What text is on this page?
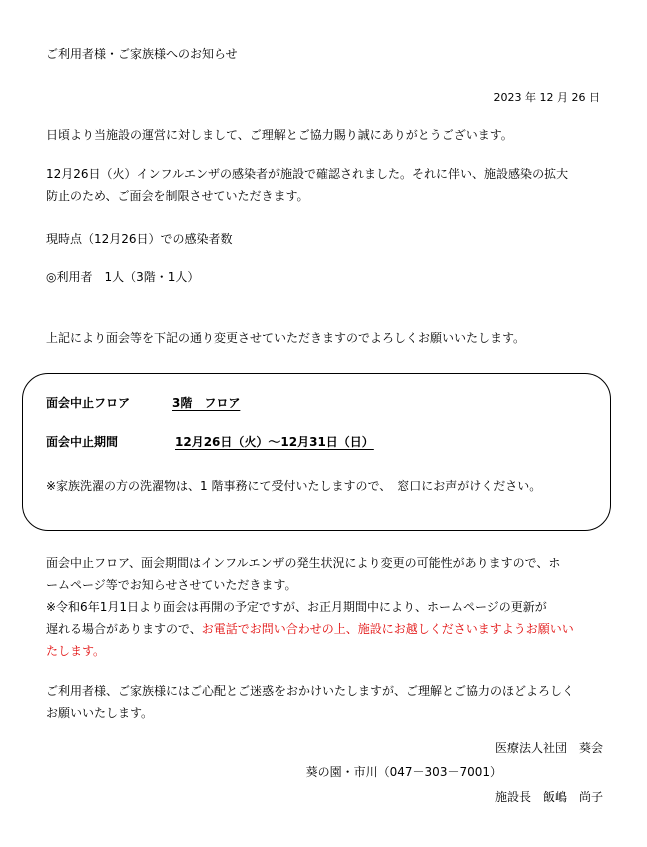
ご利用者様・ご家族様へのお知らせ
2023 年 12 月 26 日
日頃より当施設の運営に対しまして、ご理解とご協力賜り誠にありがとうございます。
12月26日（火）インフルエンザの感染者が施設で確認されました。それに伴い、施設感染の拡大
防止のため、ご面会を制限させていただきます。
現時点（12月26日）での感染者数
◎利用者　1人（3階・1人）
上記により面会等を下記の通り変更させていただきますのでよろしくお願いいたします。
面会中止フロア	3階　フロア
面会中止期間	12月26日（火）～12月31日（日）
※家族洗濯の方の洗濯物は、1 階事務にて受付いたしますので、　窓口にお声がけください。
面会中止フロア、面会期間はインフルエンザの発生状況により変更の可能性がありますので、ホ
ームページ等でお知らせさせていただきます。
※令和6年1月1日より面会は再開の予定ですが、お正月期間中により、ホームページの更新が
遅れる場合がありますので、お電話でお問い合わせの上、施設にお越しくださいますようお願いい
たします。
ご利用者様、ご家族様にはご心配とご迷惑をおかけいたしますが、ご理解とご協力のほどよろしく
お願いいたします。
医療法人社団　葵会
葵の園・市川（047－303－7001）
施設長　飯嶋　尚子
